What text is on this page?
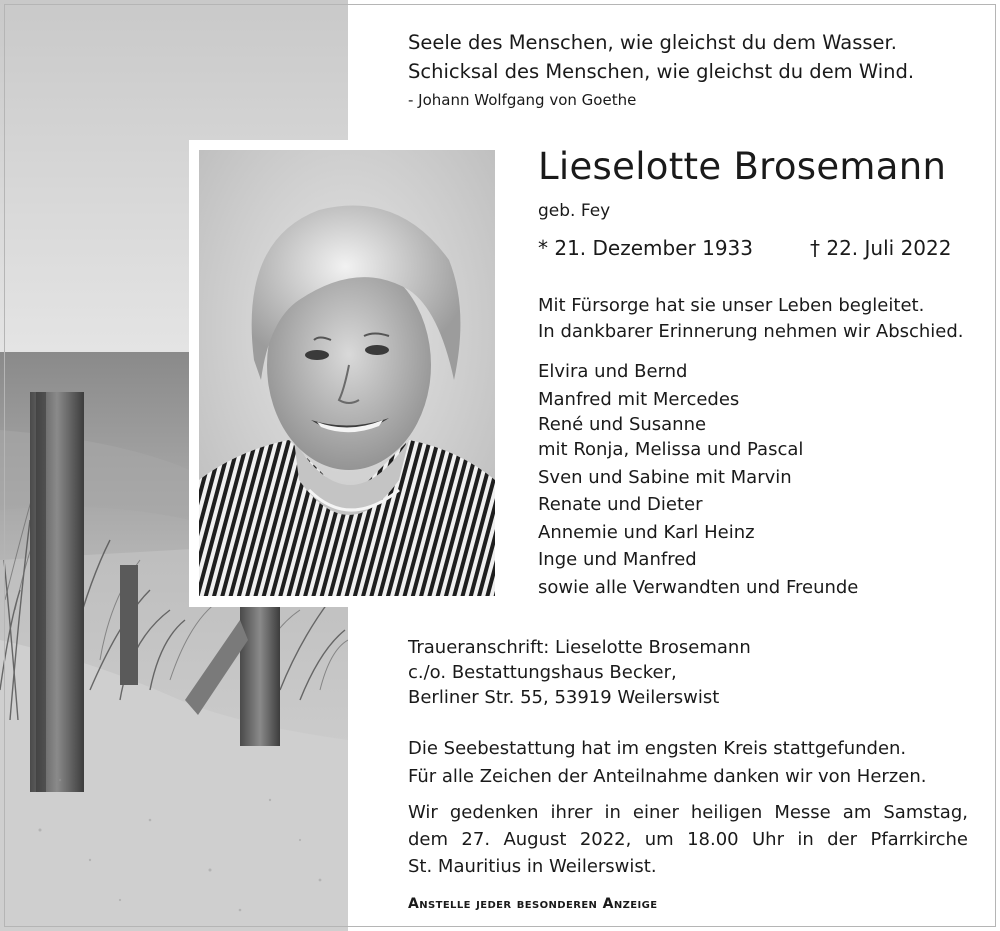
Seele des Menschen, wie gleichst du dem Wasser.
Schicksal des Menschen, wie gleichst du dem Wind.
- Johann Wolfgang von Goethe
Lieselotte Brosemann
geb. Fey
* 21. Dezember 1933	† 22. Juli 2022
Mit Fürsorge hat sie unser Leben begleitet.
In dankbarer Erinnerung nehmen wir Abschied.
Elvira und Bernd
Manfred mit Mercedes
René und Susanne
mit Ronja, Melissa und Pascal
Sven und Sabine mit Marvin
Renate und Dieter
Annemie und Karl Heinz
Inge und Manfred
sowie alle Verwandten und Freunde
Traueranschrift: Lieselotte Brosemann
c./o. Bestattungshaus Becker,
Berliner Str. 55, 53919 Weilerswist
Die Seebestattung hat im engsten Kreis stattgefunden.
Für alle Zeichen der Anteilnahme danken wir von Herzen.
Wir gedenken ihrer in einer heiligen Messe am Samstag,
dem 27. August 2022, um 18.00 Uhr in der Pfarrkirche
St. Mauritius in Weilerswist.
Anstelle jeder besonderen Anzeige
